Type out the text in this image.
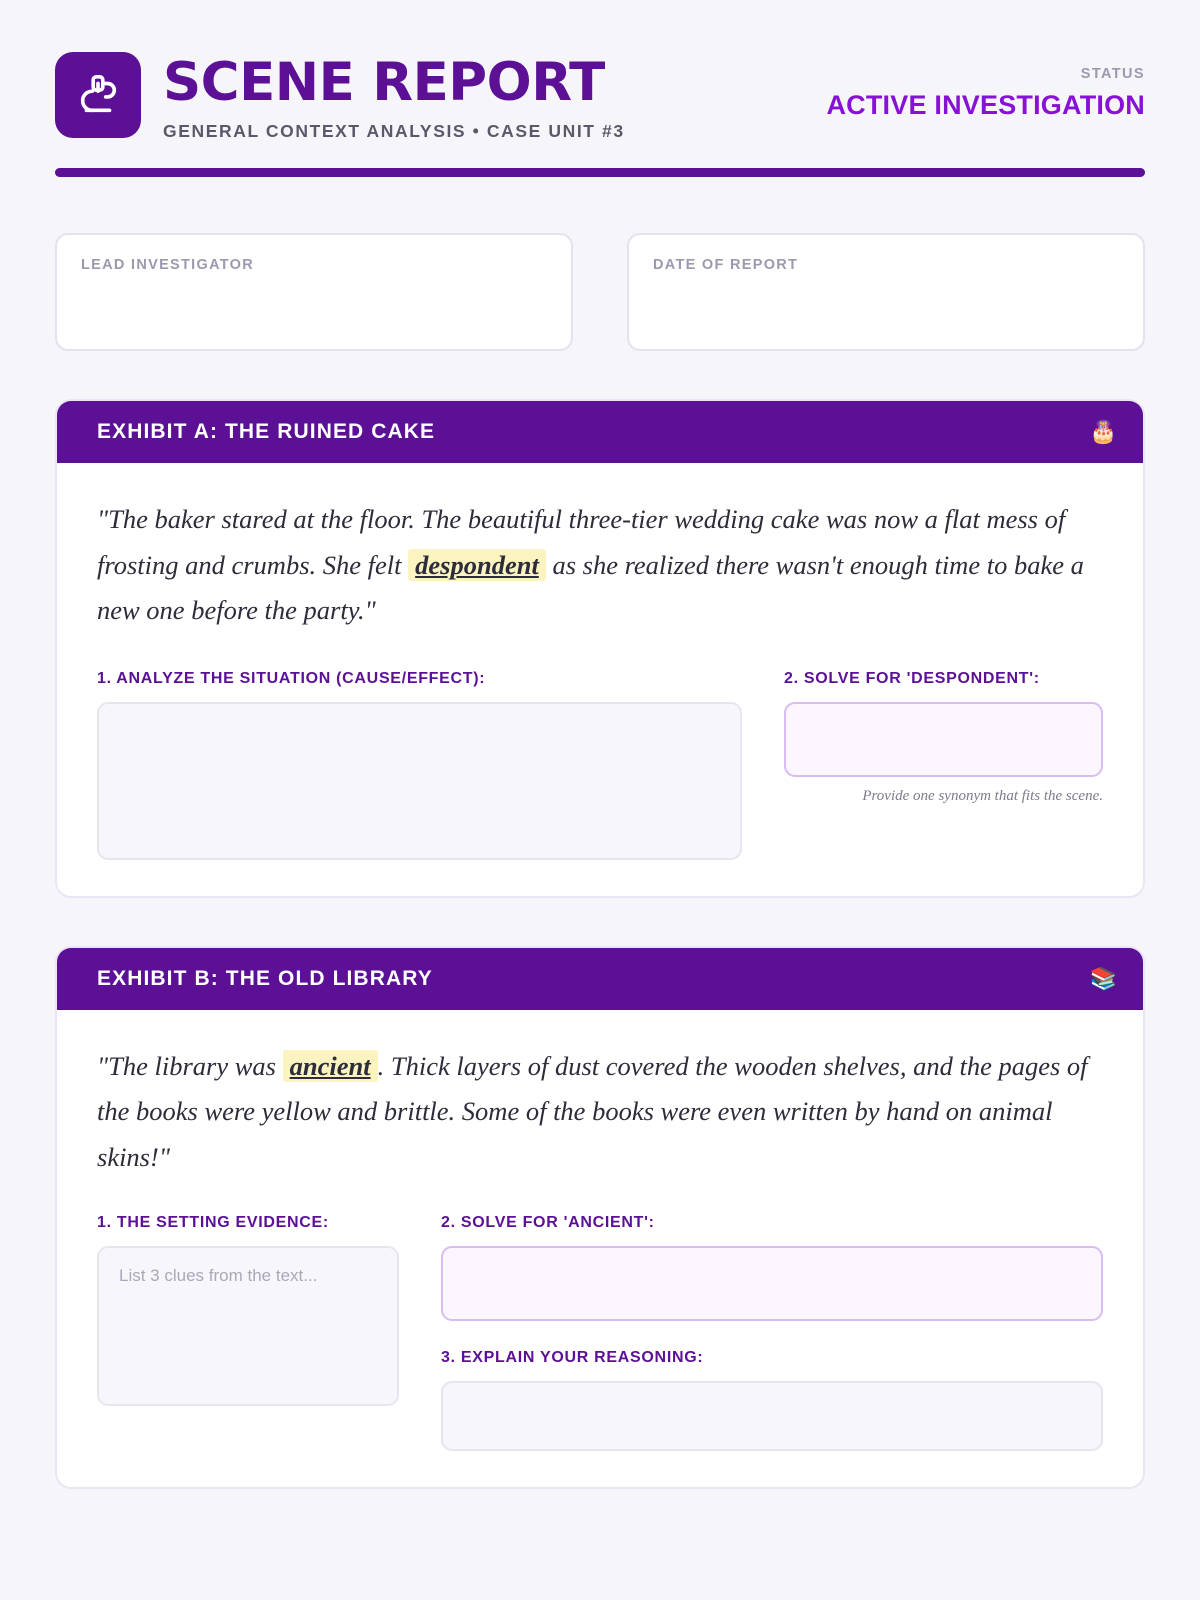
SCENE REPORT
GENERAL CONTEXT ANALYSIS • CASE UNIT #3
STATUS
ACTIVE INVESTIGATION
LEAD INVESTIGATOR	DATE OF REPORT
EXHIBIT A: THE RUINED CAKE	🎂
"The baker stared at the floor. The beautiful three-tier wedding cake was now a flat mess of frosting and crumbs. She felt despondent as she realized there wasn't enough time to bake a new one before the party."
1. ANALYZE THE SITUATION (CAUSE/EFFECT):	2. SOLVE FOR 'DESPONDENT':
Provide one synonym that fits the scene.
EXHIBIT B: THE OLD LIBRARY	📚
"The library was ancient . Thick layers of dust covered the wooden shelves, and the pages of the books were yellow and brittle. Some of the books were even written by hand on animal skins!"
1. THE SETTING EVIDENCE:
List 3 clues from the text...
2. SOLVE FOR 'ANCIENT':
3. EXPLAIN YOUR REASONING:
